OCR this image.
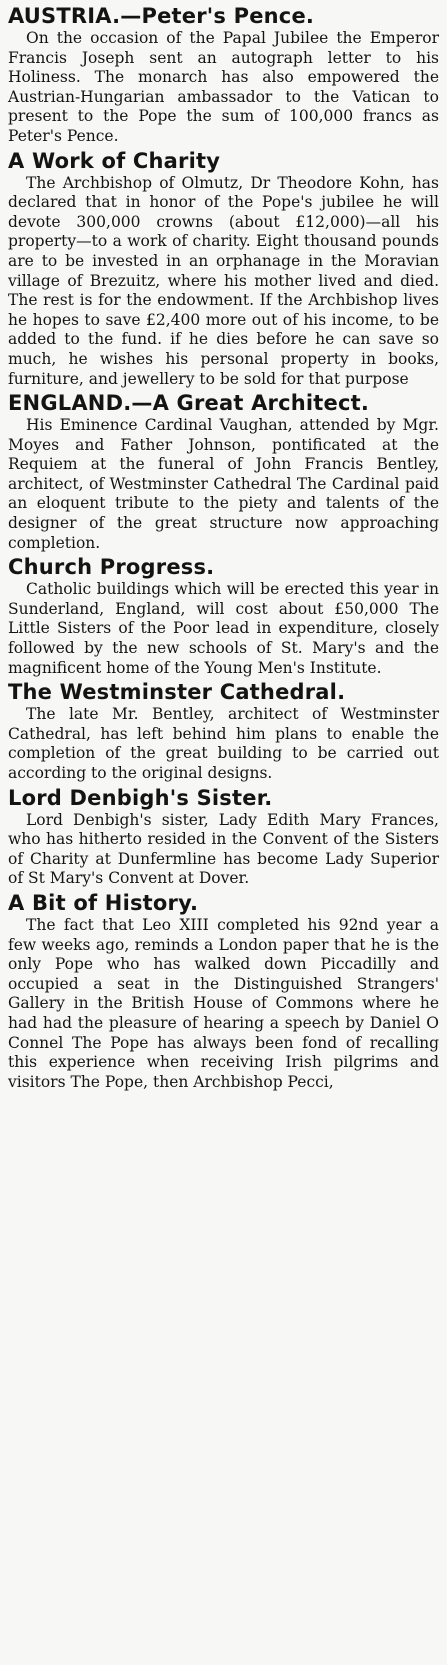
AUSTRIA.—Peter's Pence.

On the occasion of the Papal Jubilee the Emperor Francis Joseph sent an autograph letter to his Holiness. The monarch has also empowered the Austrian-Hungarian ambassador to the Vatican to present to the Pope the sum of 100,000 francs as Peter's Pence.

A Work of Charity

The Archbishop of Olmutz, Dr Theodore Kohn, has declared that in honor of the Pope's jubilee he will devote 300,000 crowns (about £12,000)—all his property—to a work of charity. Eight thousand pounds are to be invested in an orphanage in the Moravian village of Brezuitz, where his mother lived and died. The rest is for the endowment. If the Archbishop lives he hopes to save £2,400 more out of his income, to be added to the fund. if he dies before he can save so much, he wishes his personal property in books, furniture, and jewellery to be sold for that purpose

ENGLAND.—A Great Architect.

His Eminence Cardinal Vaughan, attended by Mgr. Moyes and Father Johnson, pontificated at the Requiem at the funeral of John Francis Bentley, architect, of Westminster Cathedral The Cardinal paid an eloquent tribute to the piety and talents of the designer of the great structure now approaching completion.

Church Progress.

Catholic buildings which will be erected this year in Sunderland, England, will cost about £50,000 The Little Sisters of the Poor lead in expenditure, closely followed by the new schools of St. Mary's and the magnificent home of the Young Men's Institute.

The Westminster Cathedral.

The late Mr. Bentley, architect of Westminster Cathedral, has left behind him plans to enable the completion of the great building to be carried out according to the original designs.

Lord Denbigh's Sister.

Lord Denbigh's sister, Lady Edith Mary Frances, who has hitherto resided in the Convent of the Sisters of Charity at Dunfermline has become Lady Superior of St Mary's Convent at Dover.

A Bit of History.

The fact that Leo XIII completed his 92nd year a few weeks ago, reminds a London paper that he is the only Pope who has walked down Piccadilly and occupied a seat in the Distinguished Strangers' Gallery in the British House of Commons where he had had the pleasure of hearing a speech by Daniel O Connel The Pope has always been fond of recalling this experience when receiving Irish pilgrims and visitors The Pope, then Archbishop Pecci,
